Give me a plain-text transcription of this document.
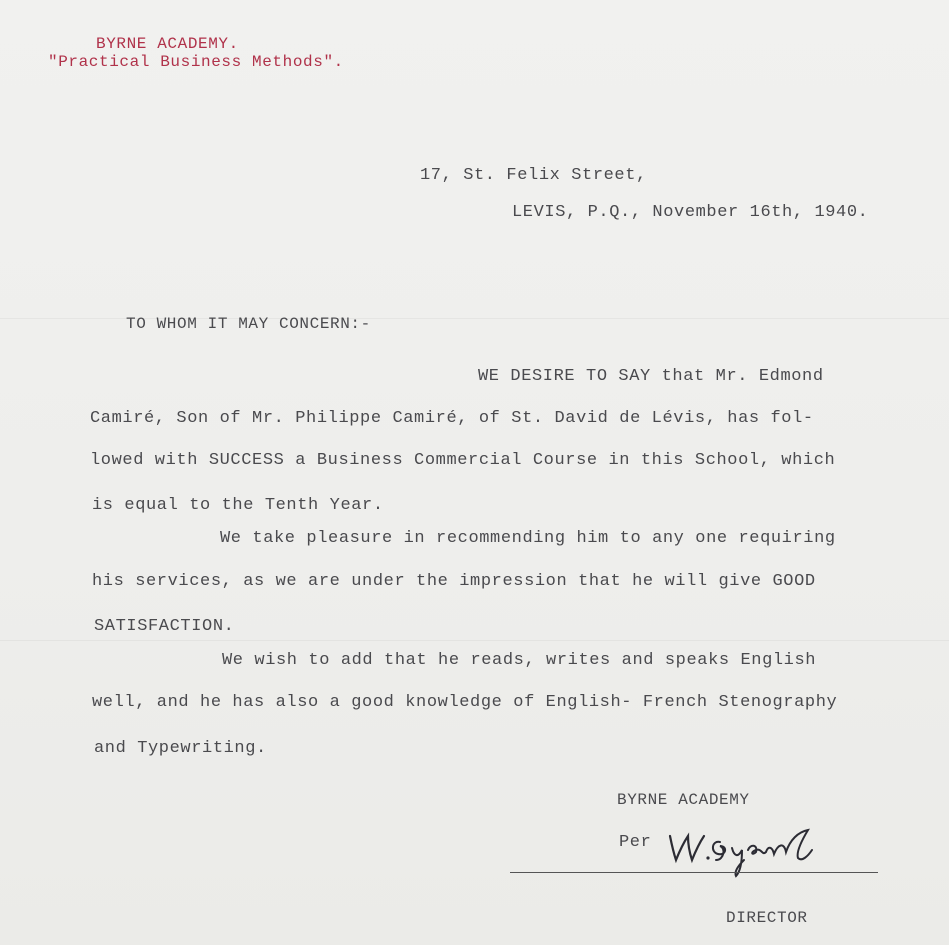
BYRNE ACADEMY.
"Practical Business Methods".
17, St. Felix Street,
LEVIS, P.Q., November 16th, 1940.
TO WHOM IT MAY CONCERN:-
WE DESIRE TO SAY that Mr. Edmond
Camiré, Son of Mr. Philippe Camiré, of St. David de Lévis, has fol-
lowed with SUCCESS a Business Commercial Course in this School, which
is equal to the Tenth Year.
We take pleasure in recommending him to any one requiring
his services, as we are under the impression that he will give GOOD
SATISFACTION.
We wish to add that he reads, writes and speaks English
well, and he has also a good knowledge of English- French Stenography
and Typewriting.
BYRNE ACADEMY
Per
DIRECTOR
